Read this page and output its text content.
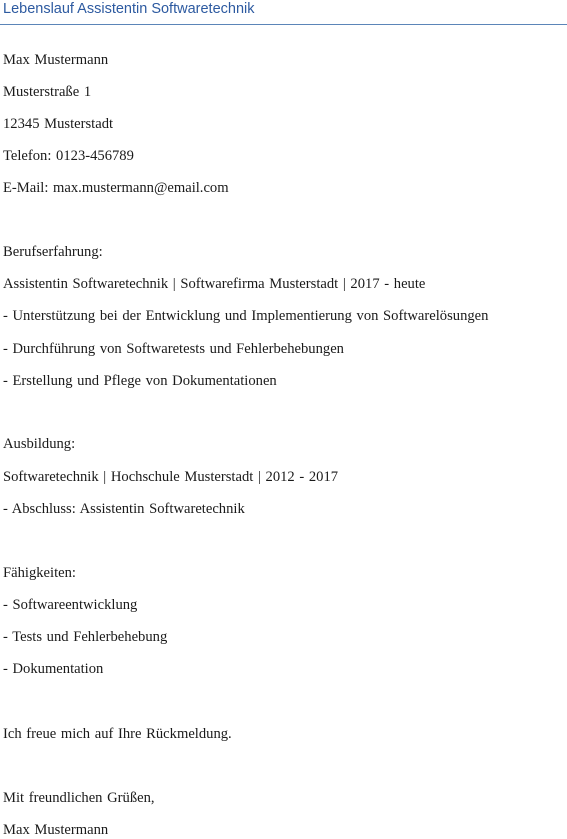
Lebenslauf Assistentin Softwaretechnik
Max Mustermann
Musterstraße 1
12345 Musterstadt
Telefon: 0123-456789
E-Mail: max.mustermann@email.com
Berufserfahrung:
Assistentin Softwaretechnik | Softwarefirma Musterstadt | 2017 - heute
- Unterstützung bei der Entwicklung und Implementierung von Softwarelösungen
- Durchführung von Softwaretests und Fehlerbehebungen
- Erstellung und Pflege von Dokumentationen
Ausbildung:
Softwaretechnik | Hochschule Musterstadt | 2012 - 2017
- Abschluss: Assistentin Softwaretechnik
Fähigkeiten:
- Softwareentwicklung
- Tests und Fehlerbehebung
- Dokumentation
Ich freue mich auf Ihre Rückmeldung.
Mit freundlichen Grüßen,
Max Mustermann
